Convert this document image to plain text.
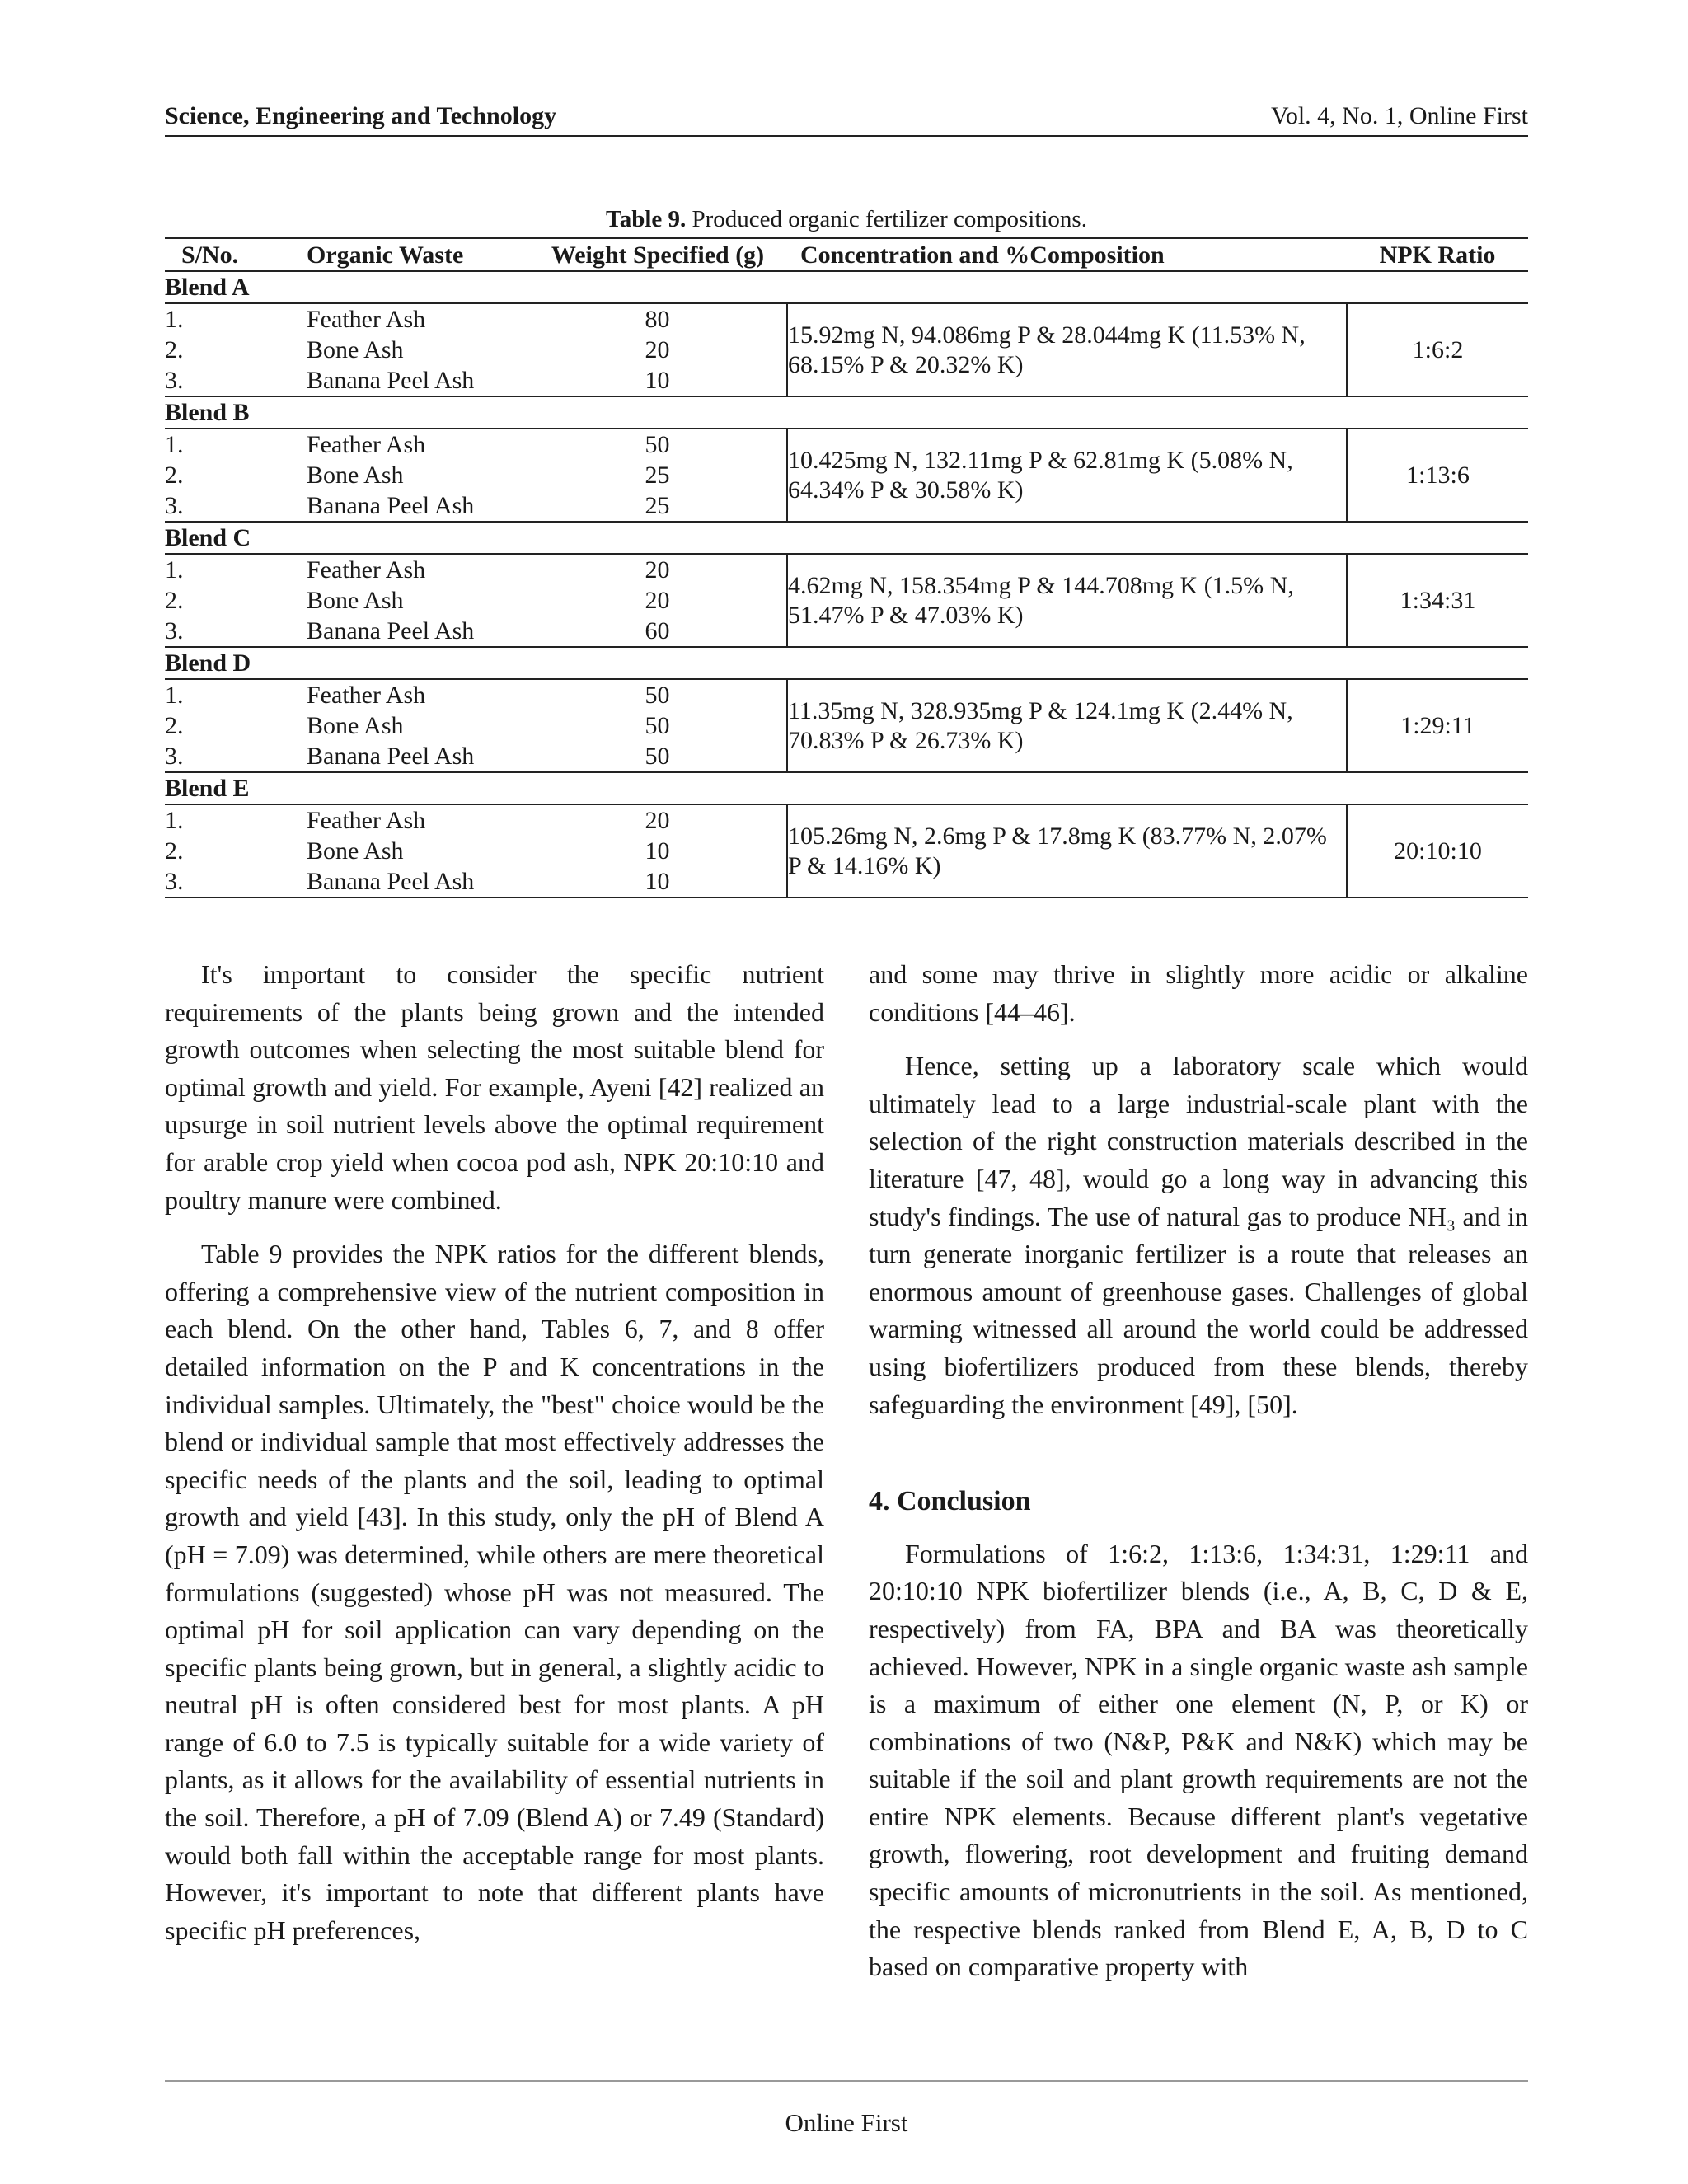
Science, Engineering and Technology	Vol. 4, No. 1, Online First
Table 9. Produced organic fertilizer compositions.
S/No.	Organic Waste	Weight Specified (g)	Concentration and %Composition	NPK Ratio
Blend A				
1.	Feather Ash	80	15.92mg N, 94.086mg P & 28.044mg K (11.53% N, 68.15% P & 20.32% K)	1:6:2
2.	Bone Ash	20		
3.	Banana Peel Ash	10		
Blend B				
1.	Feather Ash	50	10.425mg N, 132.11mg P & 62.81mg K (5.08% N, 64.34% P & 30.58% K)	1:13:6
2.	Bone Ash	25		
3.	Banana Peel Ash	25		
Blend C				
1.	Feather Ash	20	4.62mg N, 158.354mg P & 144.708mg K (1.5% N, 51.47% P & 47.03% K)	1:34:31
2.	Bone Ash	20		
3.	Banana Peel Ash	60		
Blend D				
1.	Feather Ash	50	11.35mg N, 328.935mg P & 124.1mg K (2.44% N, 70.83% P & 26.73% K)	1:29:11
2.	Bone Ash	50		
3.	Banana Peel Ash	50		
Blend E				
1.	Feather Ash	20	105.26mg N, 2.6mg P & 17.8mg K (83.77% N, 2.07% P & 14.16% K)	20:10:10
2.	Bone Ash	10		
3.	Banana Peel Ash	10		

It's important to consider the specific nutrient requirements of the plants being grown and the intended growth outcomes when selecting the most suitable blend for optimal growth and yield. For example, Ayeni [42] realized an upsurge in soil nutrient levels above the optimal requirement for arable crop yield when cocoa pod ash, NPK 20:10:10 and poultry manure were combined.

Table 9 provides the NPK ratios for the different blends, offering a comprehensive view of the nutrient composition in each blend. On the other hand, Tables 6, 7, and 8 offer detailed information on the P and K concentrations in the individual samples. Ultimately, the "best" choice would be the blend or individual sample that most effectively addresses the specific needs of the plants and the soil, leading to optimal growth and yield [43]. In this study, only the pH of Blend A (pH = 7.09) was determined, while others are mere theoretical formulations (suggested) whose pH was not measured. The optimal pH for soil application can vary depending on the specific plants being grown, but in general, a slightly acidic to neutral pH is often considered best for most plants. A pH range of 6.0 to 7.5 is typically suitable for a wide variety of plants, as it allows for the availability of essential nutrients in the soil. Therefore, a pH of 7.09 (Blend A) or 7.49 (Standard) would both fall within the acceptable range for most plants. However, it's important to note that different plants have specific pH preferences,

and some may thrive in slightly more acidic or alkaline conditions [44–46].

Hence, setting up a laboratory scale which would ultimately lead to a large industrial-scale plant with the selection of the right construction materials described in the literature [47, 48], would go a long way in advancing this study's findings. The use of natural gas to produce NH₃ and in turn generate inorganic fertilizer is a route that releases an enormous amount of greenhouse gases. Challenges of global warming witnessed all around the world could be addressed using biofertilizers produced from these blends, thereby safeguarding the environment [49], [50].

4. Conclusion

Formulations of 1:6:2, 1:13:6, 1:34:31, 1:29:11 and 20:10:10 NPK biofertilizer blends (i.e., A, B, C, D & E, respectively) from FA, BPA and BA was theoretically achieved. However, NPK in a single organic waste ash sample is a maximum of either one element (N, P, or K) or combinations of two (N&P, P&K and N&K) which may be suitable if the soil and plant growth requirements are not the entire NPK elements. Because different plant's vegetative growth, flowering, root development and fruiting demand specific amounts of micronutrients in the soil. As mentioned, the respective blends ranked from Blend E, A, B, D to C based on comparative property with

Online First
